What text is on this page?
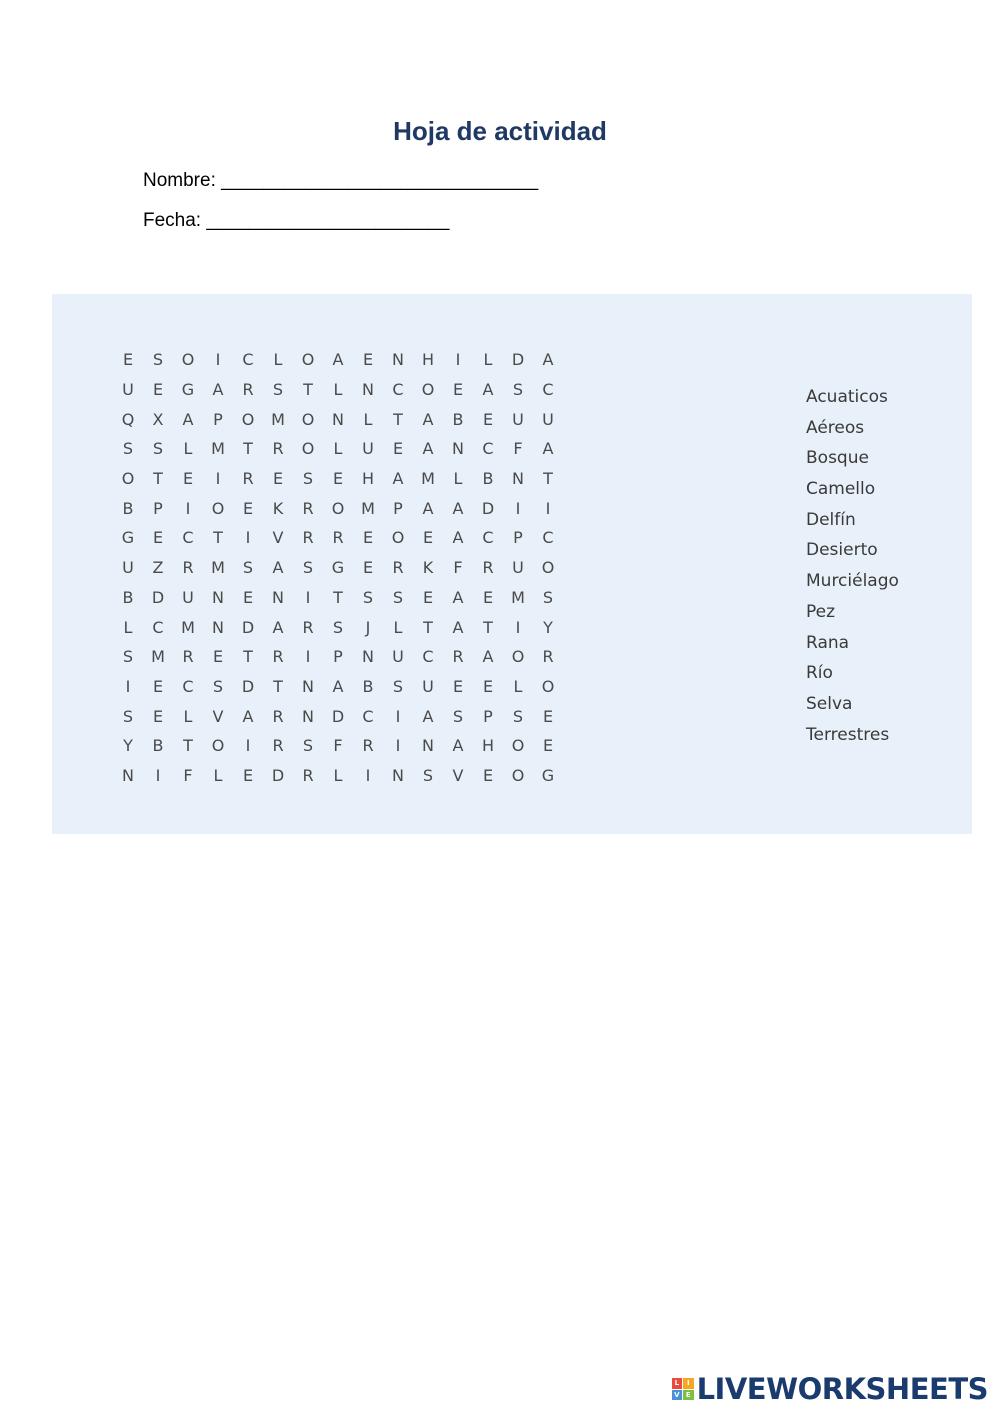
Hoja de actividad
Nombre: ______________________________
Fecha: _______________________
E	S	O	I	C	L	O	A	E	N	H	I	L	D	A
U	E	G	A	R	S	T	L	N	C	O	E	A	S	C
Q	X	A	P	O	M	O	N	L	T	A	B	E	U	U
S	S	L	M	T	R	O	L	U	E	A	N	C	F	A
O	T	E	I	R	E	S	E	H	A	M	L	B	N	T
B	P	I	O	E	K	R	O	M	P	A	A	D	I	I
G	E	C	T	I	V	R	R	E	O	E	A	C	P	C
U	Z	R	M	S	A	S	G	E	R	K	F	R	U	O
B	D	U	N	E	N	I	T	S	S	E	A	E	M	S
L	C	M	N	D	A	R	S	J	L	T	A	T	I	Y
S	M	R	E	T	R	I	P	N	U	C	R	A	O	R
I	E	C	S	D	T	N	A	B	S	U	E	E	L	O
S	E	L	V	A	R	N	D	C	I	A	S	P	S	E
Y	B	T	O	I	R	S	F	R	I	N	A	H	O	E
N	I	F	L	E	D	R	L	I	N	S	V	E	O	G
Acuaticos
Aéreos
Bosque
Camello
Delfín
Desierto
Murciélago
Pez
Rana
Río
Selva
Terrestres
L	I
V E LIVEWORKSHEETS
